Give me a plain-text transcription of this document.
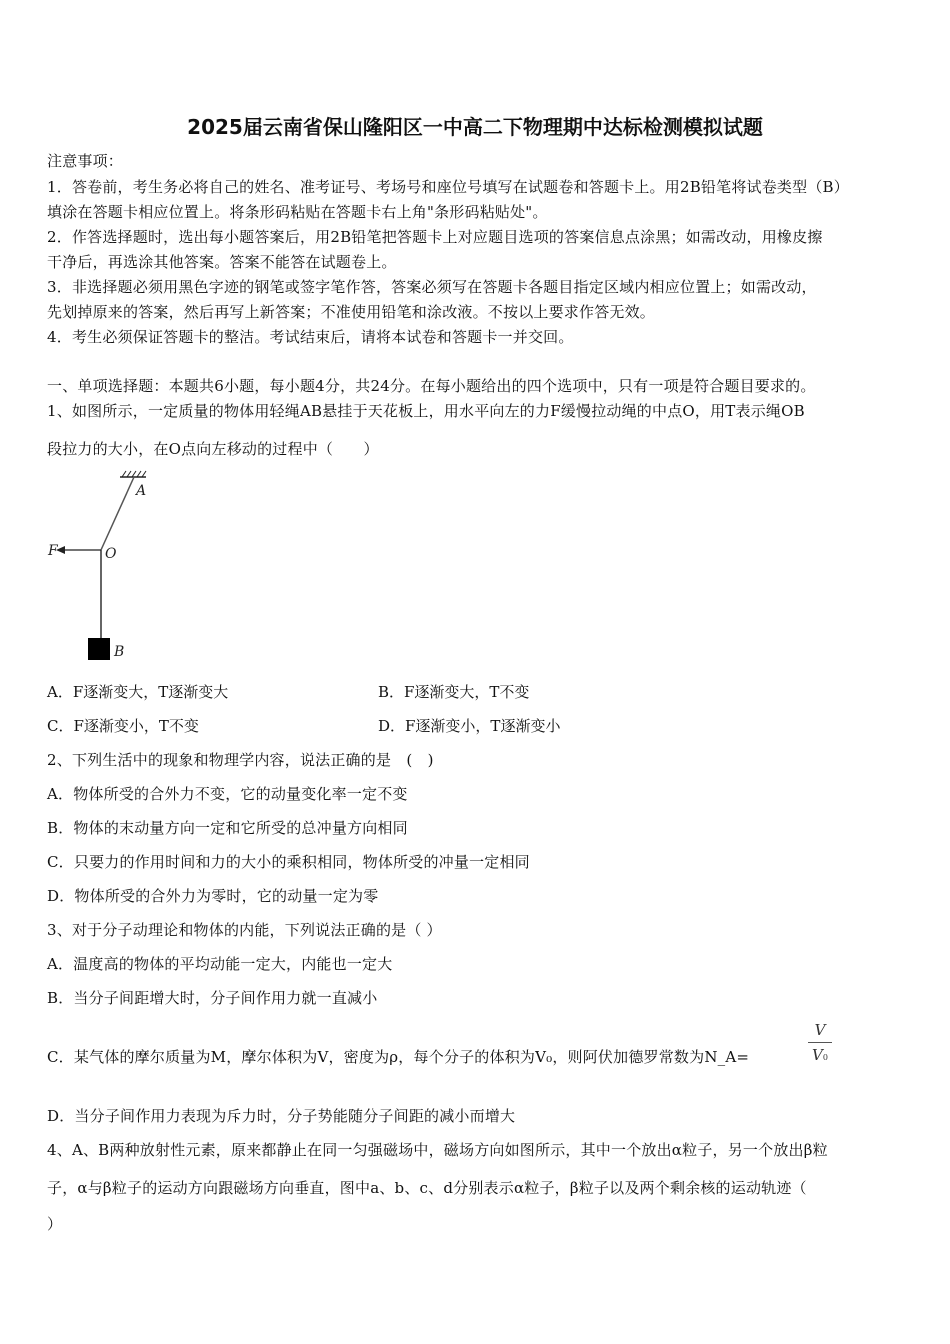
2025届云南省保山隆阳区一中高二下物理期中达标检测模拟试题
注意事项：
1．答卷前，考生务必将自己的姓名、准考证号、考场号和座位号填写在试题卷和答题卡上。用2B铅笔将试卷类型（B）
填涂在答题卡相应位置上。将条形码粘贴在答题卡右上角"条形码粘贴处"。
2．作答选择题时，选出每小题答案后，用2B铅笔把答题卡上对应题目选项的答案信息点涂黑；如需改动，用橡皮擦
干净后，再选涂其他答案。答案不能答在试题卷上。
3．非选择题必须用黑色字迹的钢笔或签字笔作答，答案必须写在答题卡各题目指定区域内相应位置上；如需改动，
先划掉原来的答案，然后再写上新答案；不准使用铅笔和涂改液。不按以上要求作答无效。
4．考生必须保证答题卡的整洁。考试结束后，请将本试卷和答题卡一并交回。
一、单项选择题：本题共6小题，每小题4分，共24分。在每小题给出的四个选项中，只有一项是符合题目要求的。
1、如图所示，一定质量的物体用轻绳AB悬挂于天花板上，用水平向左的力F缓慢拉动绳的中点O，用T表示绳OB
段拉力的大小，在O点向左移动的过程中（　　）
A
F	O
B
A．F逐渐变大，T逐渐变大	B．F逐渐变大，T不变
C．F逐渐变小，T不变	D．F逐渐变小，T逐渐变小
2、下列生活中的现象和物理学内容，说法正确的是　(　)
A．物体所受的合外力不变，它的动量变化率一定不变
B．物体的末动量方向一定和它所受的总冲量方向相同
C．只要力的作用时间和力的大小的乘积相同，物体所受的冲量一定相同
D．物体所受的合外力为零时，它的动量一定为零
3、对于分子动理论和物体的内能，下列说法正确的是（ ）
A．温度高的物体的平均动能一定大，内能也一定大
B．当分子间距增大时，分子间作用力就一直减小
C．某气体的摩尔质量为M，摩尔体积为V，密度为ρ，每个分子的体积为V₀，则阿伏加德罗常数为N_A=
V
V0
D．当分子间作用力表现为斥力时，分子势能随分子间距的减小而增大
4、A、B两种放射性元素，原来都静止在同一匀强磁场中，磁场方向如图所示，其中一个放出α粒子，另一个放出β粒
子，α与β粒子的运动方向跟磁场方向垂直，图中a、b、c、d分别表示α粒子，β粒子以及两个剩余核的运动轨迹（
）
